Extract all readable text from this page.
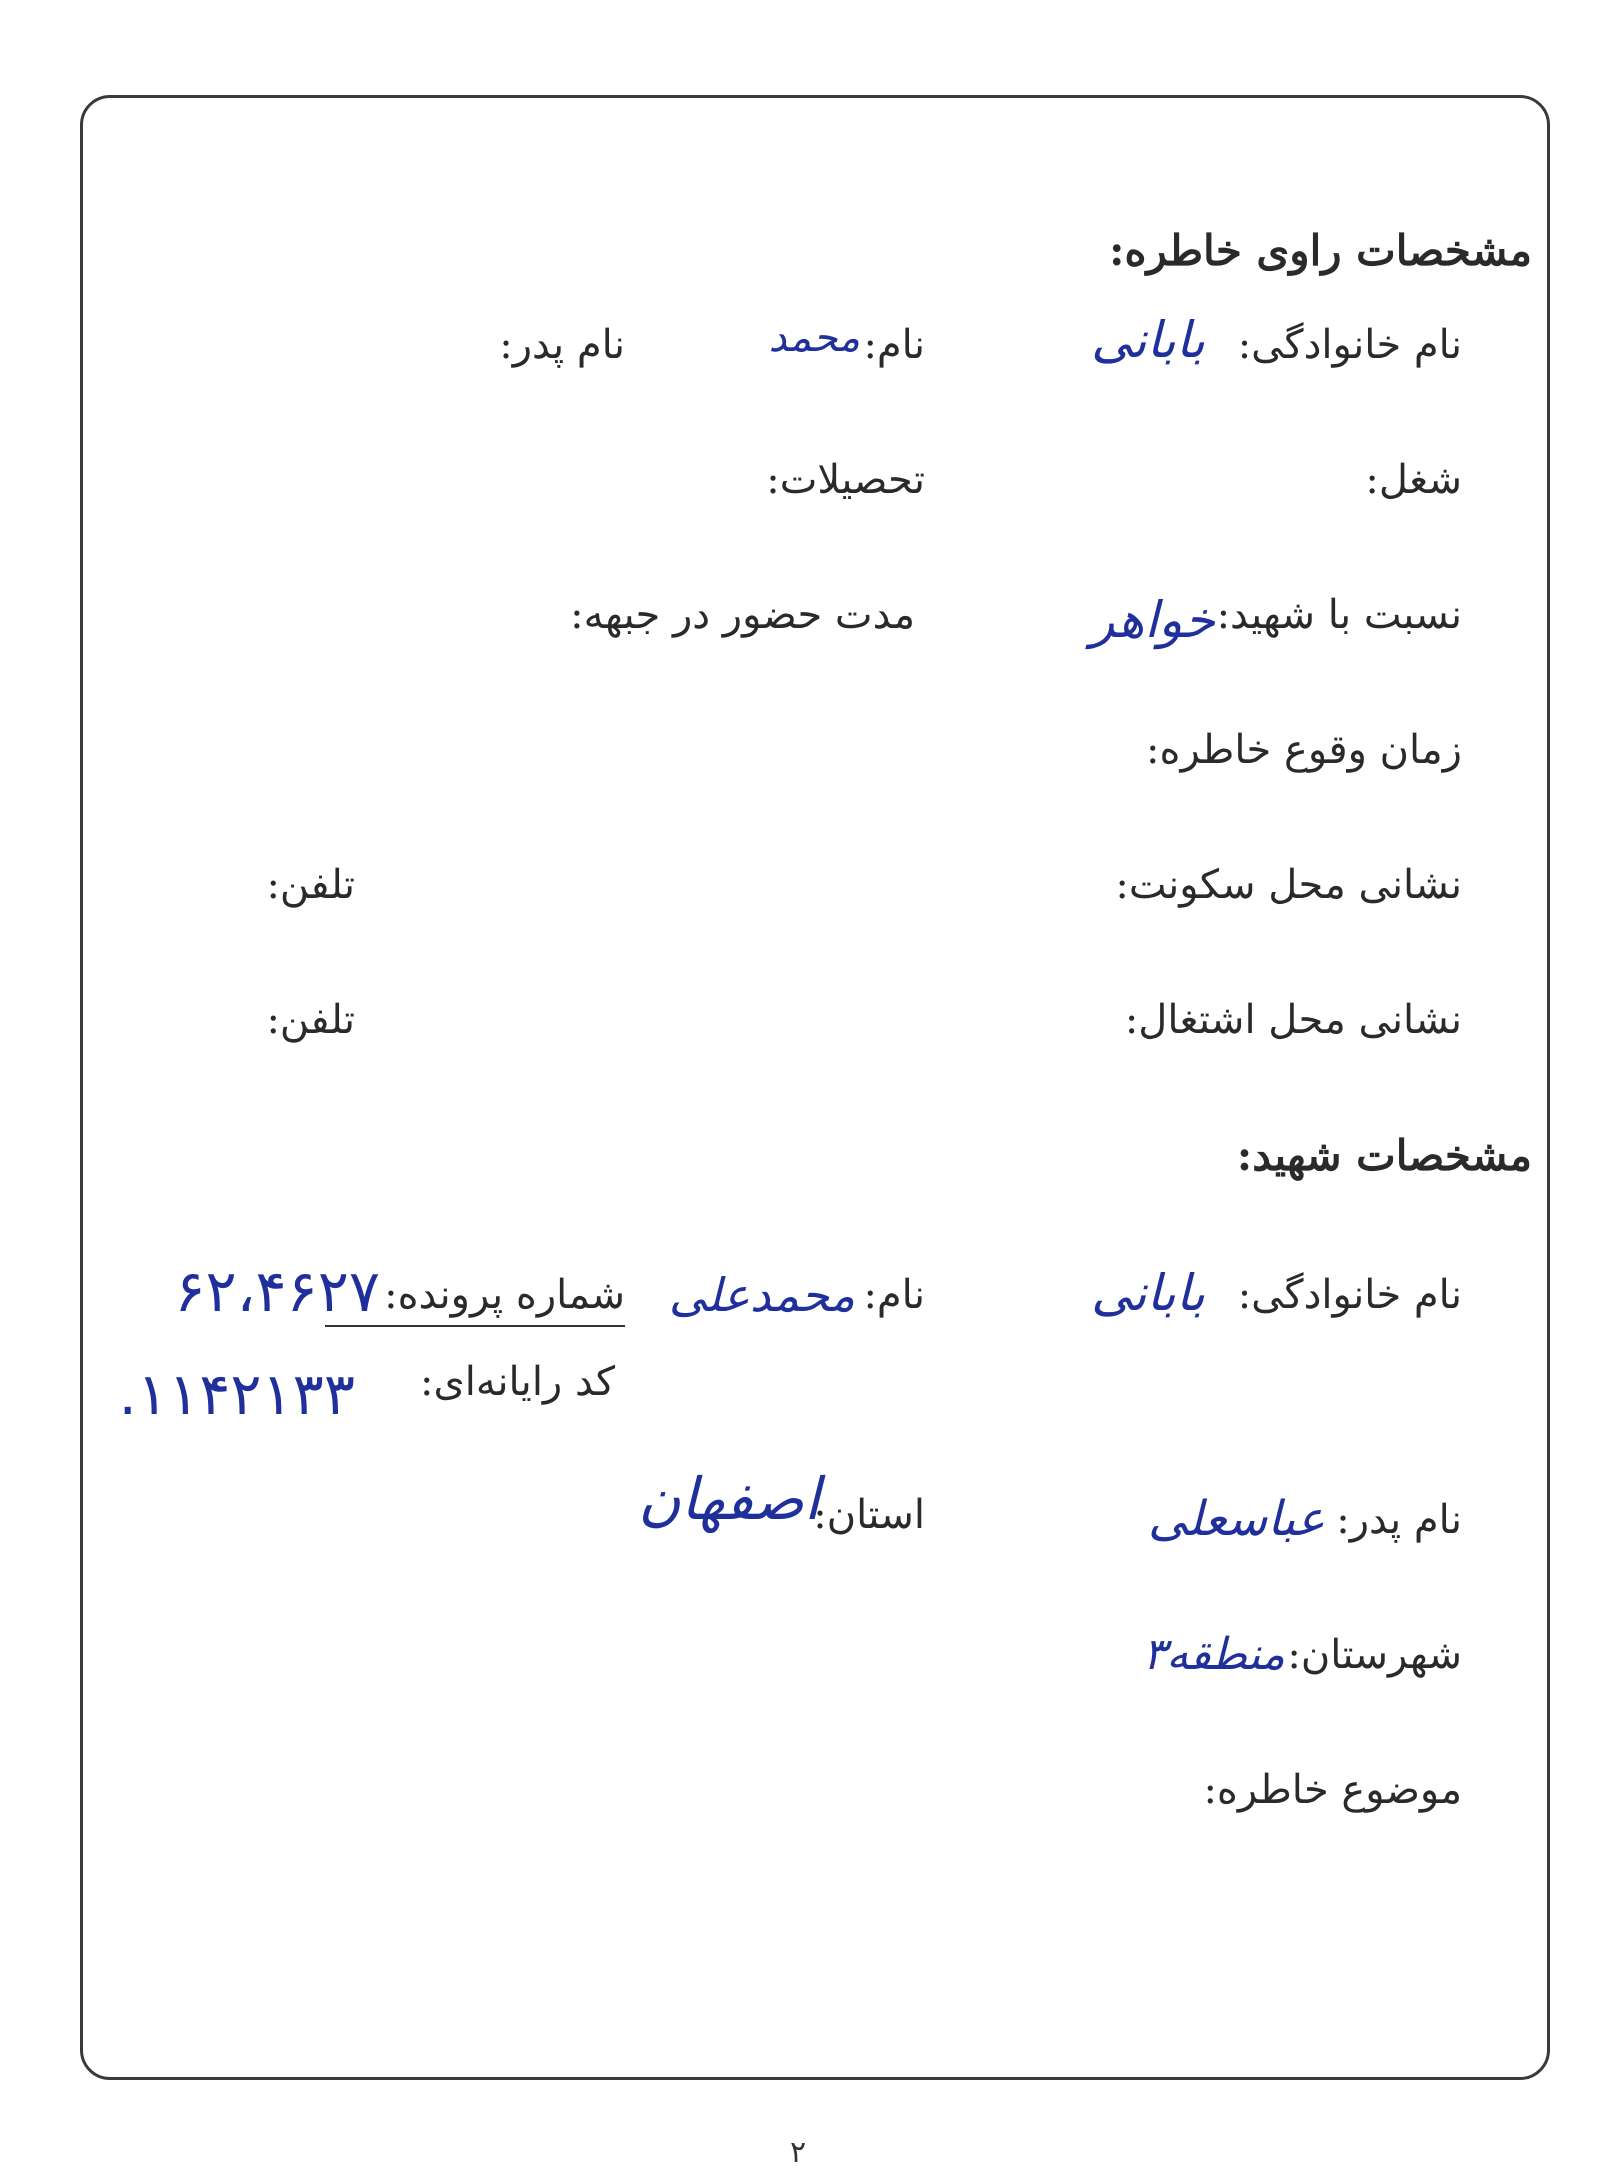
مشخصات راوی خاطره:
نام خانوادگی:
بابانی
نام:
محمد
نام پدر:
شغل:
تحصیلات:
نسبت با شهید:
خواهر
مدت حضور در جبهه:
زمان وقوع خاطره:
نشانی محل سکونت:
تلفن:
نشانی محل اشتغال:
تلفن:
مشخصات شهید:
نام خانوادگی:
بابانی
نام:
محمدعلی
شماره پرونده:
۶۲،۴۶۲۷
کد رایانه‌ای:
۱۱۴۲۱۳۳.
استان:
اصفهان	نام پدر:
عباسعلی
شهرستان:
منطقه۳
موضوع خاطره:
۲
